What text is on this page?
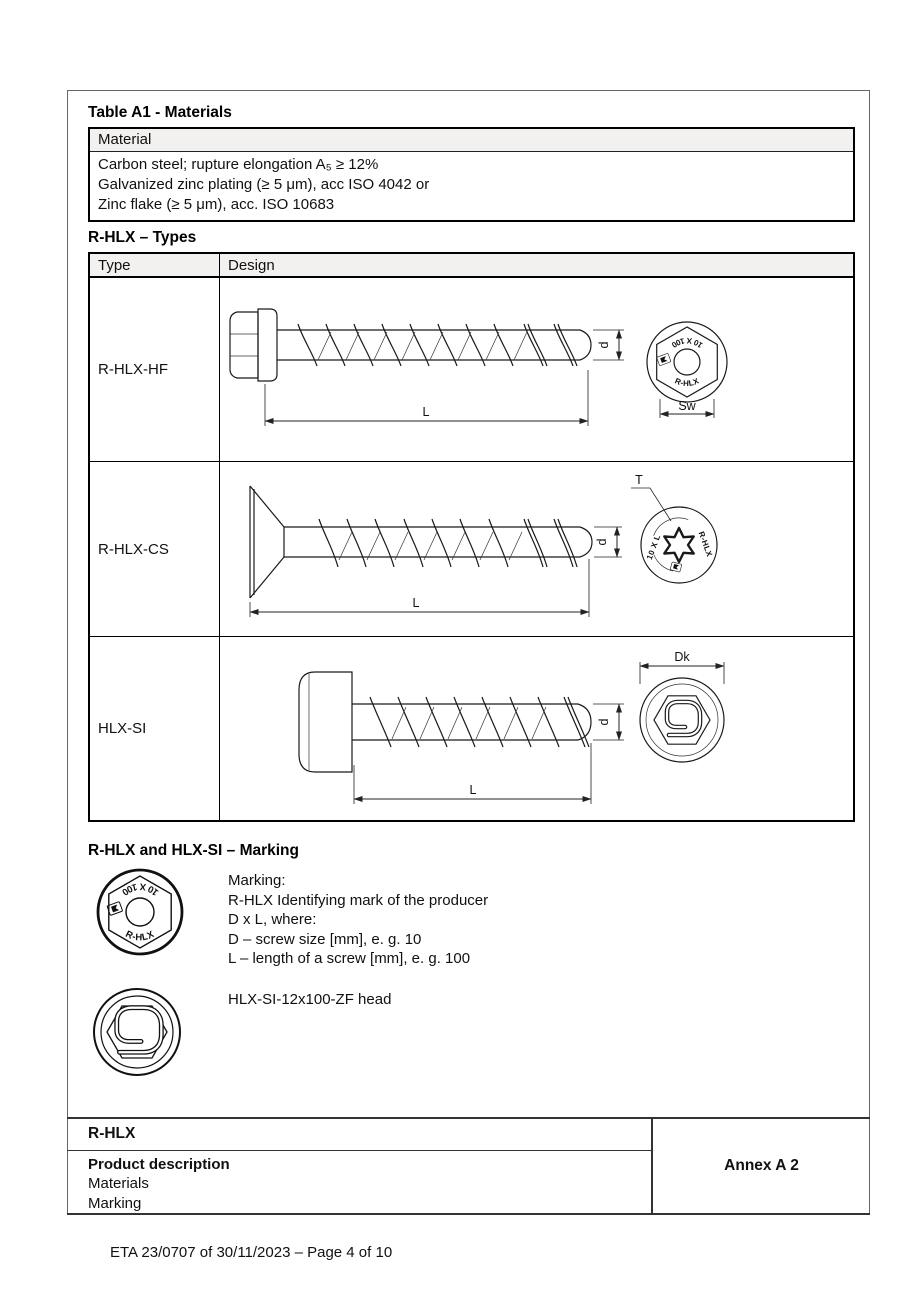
Table A1 - Materials
Material
Carbon steel; rupture elongation A₅ ≥ 12%
Galvanized zinc plating (≥ 5 μm), acc ISO 4042 or
Zinc flake (≥ 5 μm), acc. ISO 10683
R-HLX – Types
Type	Design
R-HLX-HF
d
L
10 X 100
R-HLX
Sw
R-HLX-CS	d
L
T
10 X L	R-HLX
HLX-SI	d
L
Dk
R-HLX and HLX-SI – Marking
10 X 100
R-HLX
Marking:
R-HLX Identifying mark of the producer
D x L, where:
D – screw size [mm], e. g. 10
L – length of a screw [mm], e. g. 100
HLX-SI-12x100-ZF head
R-HLX
Product description
Materials
Marking
Annex A 2
ETA 23/0707 of 30/11/2023 – Page 4 of 10
